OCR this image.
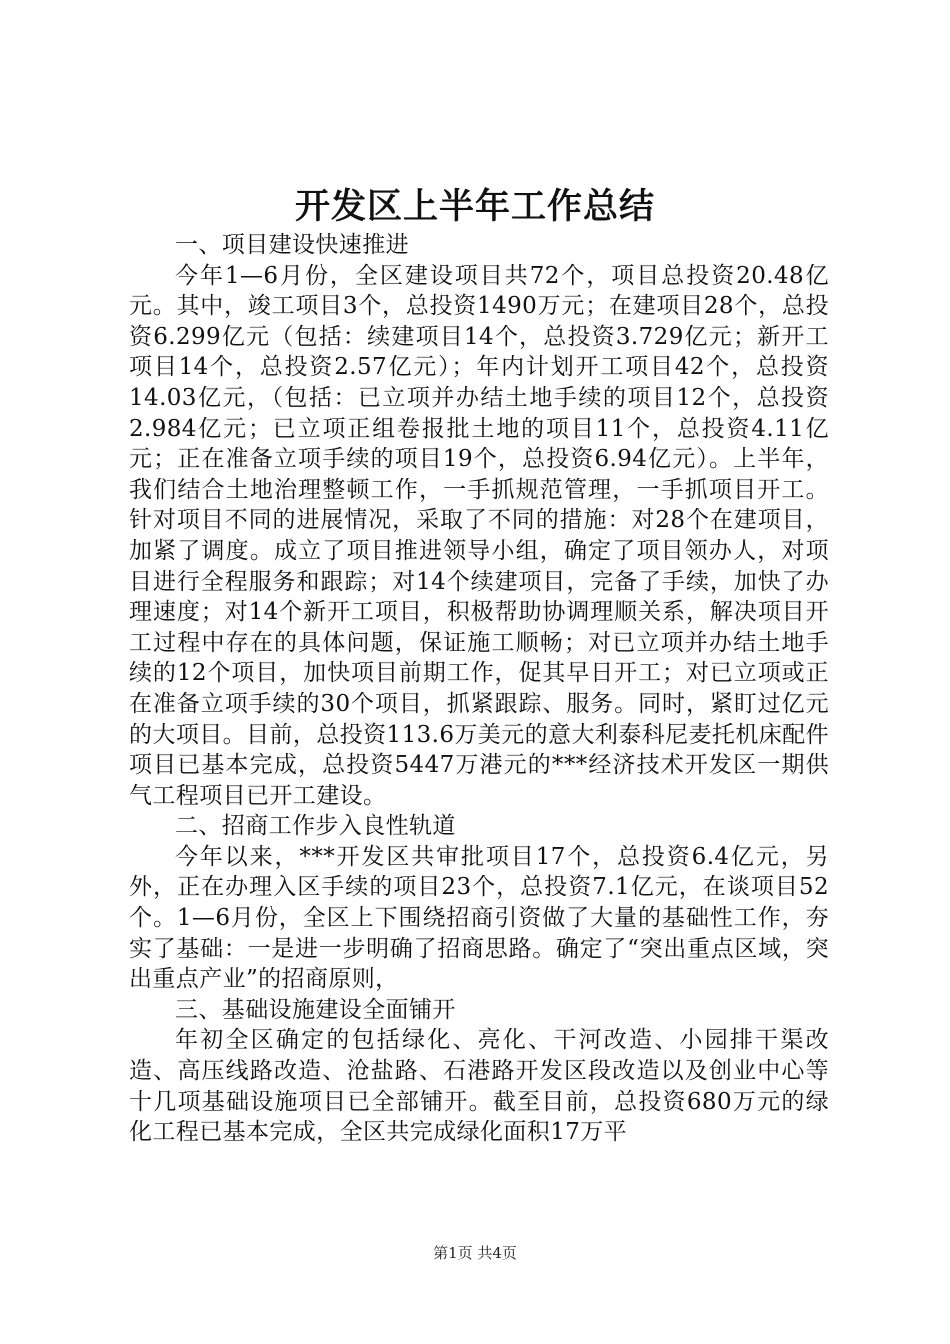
开发区上半年工作总结

一、项目建设快速推进

今年1—6月份，全区建设项目共72个，项目总投资20.48亿元。其中，竣工项目3个，总投资1490万元；在建项目28个，总投资6.299亿元（包括：续建项目14个，总投资3.729亿元；新开工项目14个，总投资2.57亿元）；年内计划开工项目42个，总投资14.03亿元，（包括：已立项并办结土地手续的项目12个，总投资2.984亿元；已立项正组卷报批土地的项目11个，总投资4.11亿元；正在准备立项手续的项目19个，总投资6.94亿元）。上半年，我们结合土地治理整顿工作，一手抓规范管理，一手抓项目开工。针对项目不同的进展情况，采取了不同的措施：对28个在建项目，加紧了调度。成立了项目推进领导小组，确定了项目领办人，对项目进行全程服务和跟踪；对14个续建项目，完备了手续，加快了办理速度；对14个新开工项目，积极帮助协调理顺关系，解决项目开工过程中存在的具体问题，保证施工顺畅；对已立项并办结土地手续的12个项目，加快项目前期工作，促其早日开工；对已立项或正在准备立项手续的30个项目，抓紧跟踪、服务。同时，紧盯过亿元的大项目。目前，总投资113.6万美元的意大利泰科尼麦托机床配件项目已基本完成，总投资5447万港元的***经济技术开发区一期供气工程项目已开工建设。

二、招商工作步入良性轨道

今年以来，***开发区共审批项目17个，总投资6.4亿元，另外，正在办理入区手续的项目23个，总投资7.1亿元，在谈项目52个。1—6月份，全区上下围绕招商引资做了大量的基础性工作，夯实了基础：一是进一步明确了招商思路。确定了“突出重点区域，突出重点产业”的招商原则，

三、基础设施建设全面铺开

年初全区确定的包括绿化、亮化、干河改造、小园排干渠改造、高压线路改造、沧盐路、石港路开发区段改造以及创业中心等十几项基础设施项目已全部铺开。截至目前，总投资680万元的绿化工程已基本完成，全区共完成绿化面积17万平

第1页 共4页
